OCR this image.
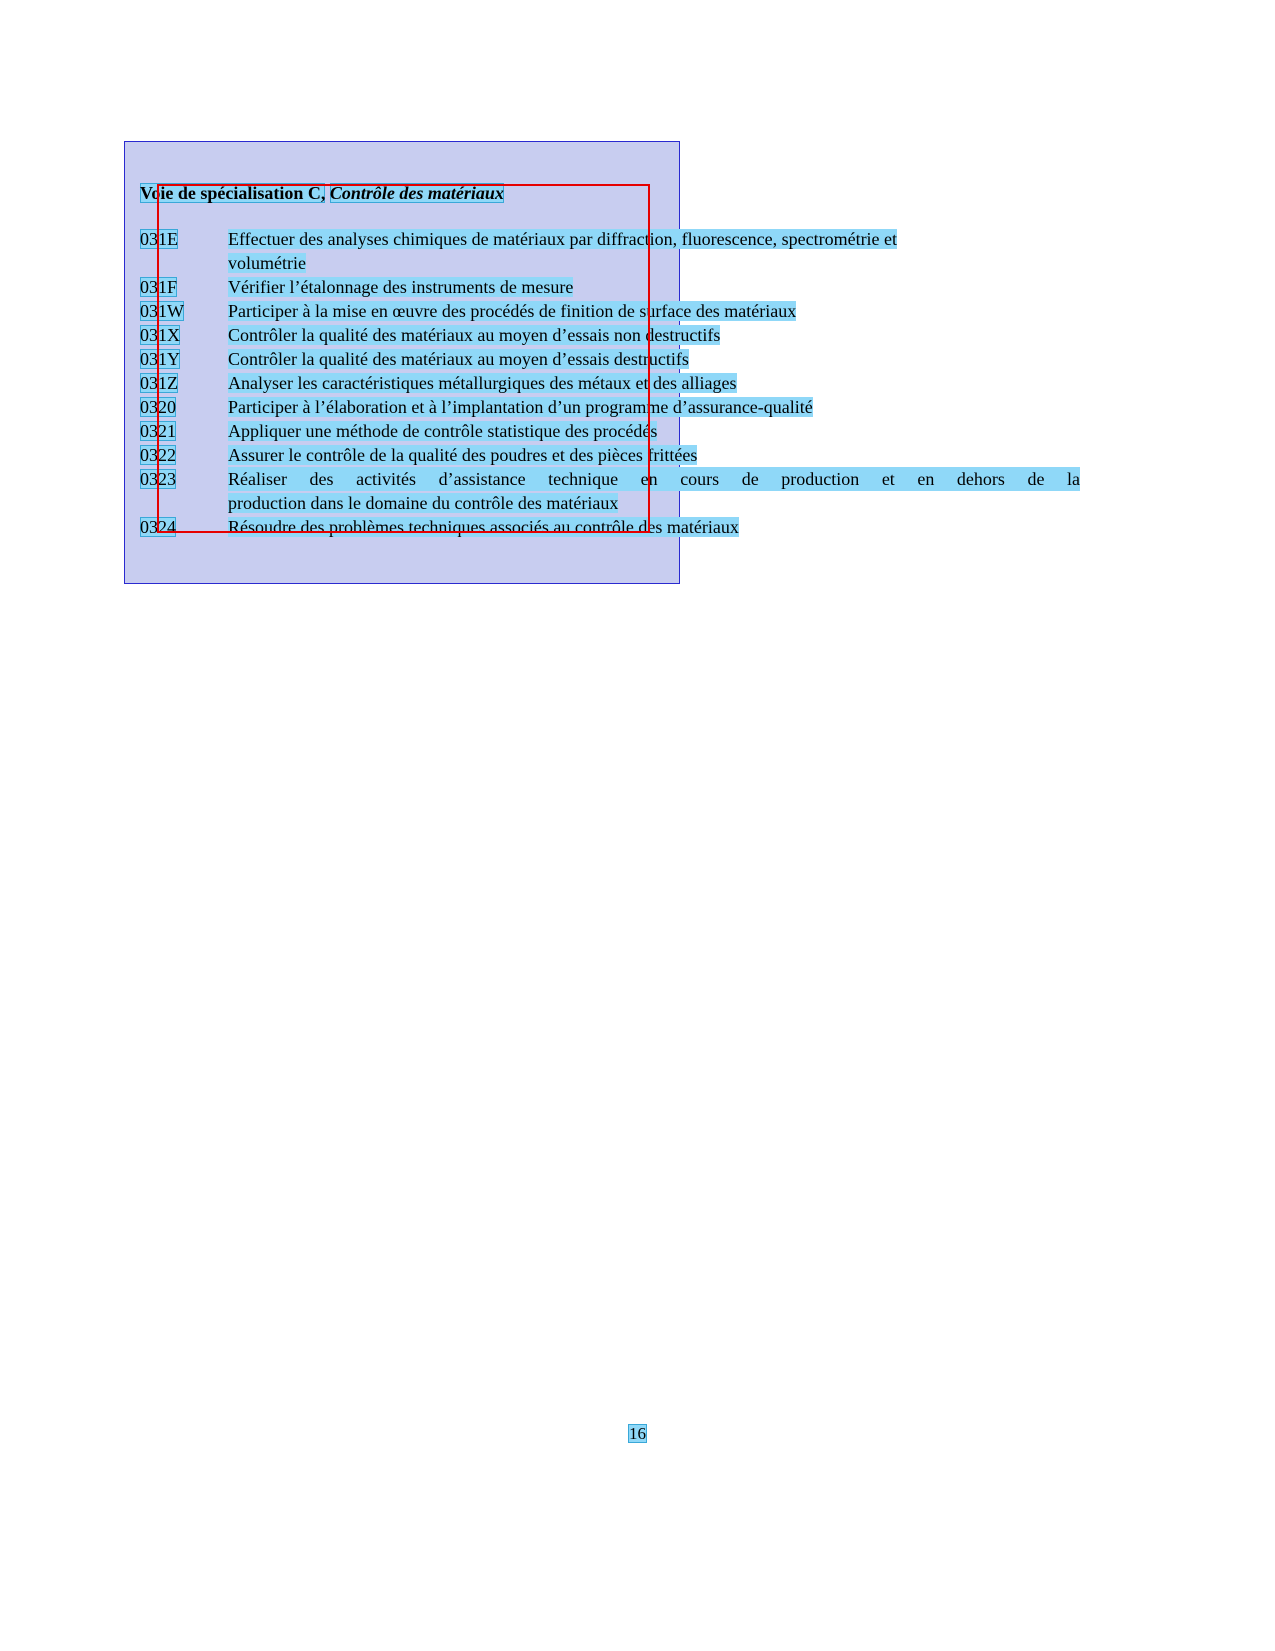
Voie de spécialisation C, Contrôle des matériaux
031E	Effectuer des analyses chimiques de matériaux par diffraction, fluorescence, spectrométrie et
volumétrie
031F	Vérifier l’étalonnage des instruments de mesure
031W	Participer à la mise en œuvre des procédés de finition de surface des matériaux
031X	Contrôler la qualité des matériaux au moyen d’essais non destructifs
031Y	Contrôler la qualité des matériaux au moyen d’essais destructifs
031Z	Analyser les caractéristiques métallurgiques des métaux et des alliages
0320	Participer à l’élaboration et à l’implantation d’un programme d’assurance-qualité
0321	Appliquer une méthode de contrôle statistique des procédés
0322	Assurer le contrôle de la qualité des poudres et des pièces frittées
0323	Réaliser des activités d’assistance technique en cours de production et en dehors de la
production dans le domaine du contrôle des matériaux
0324	Résoudre des problèmes techniques associés au contrôle des matériaux
16
